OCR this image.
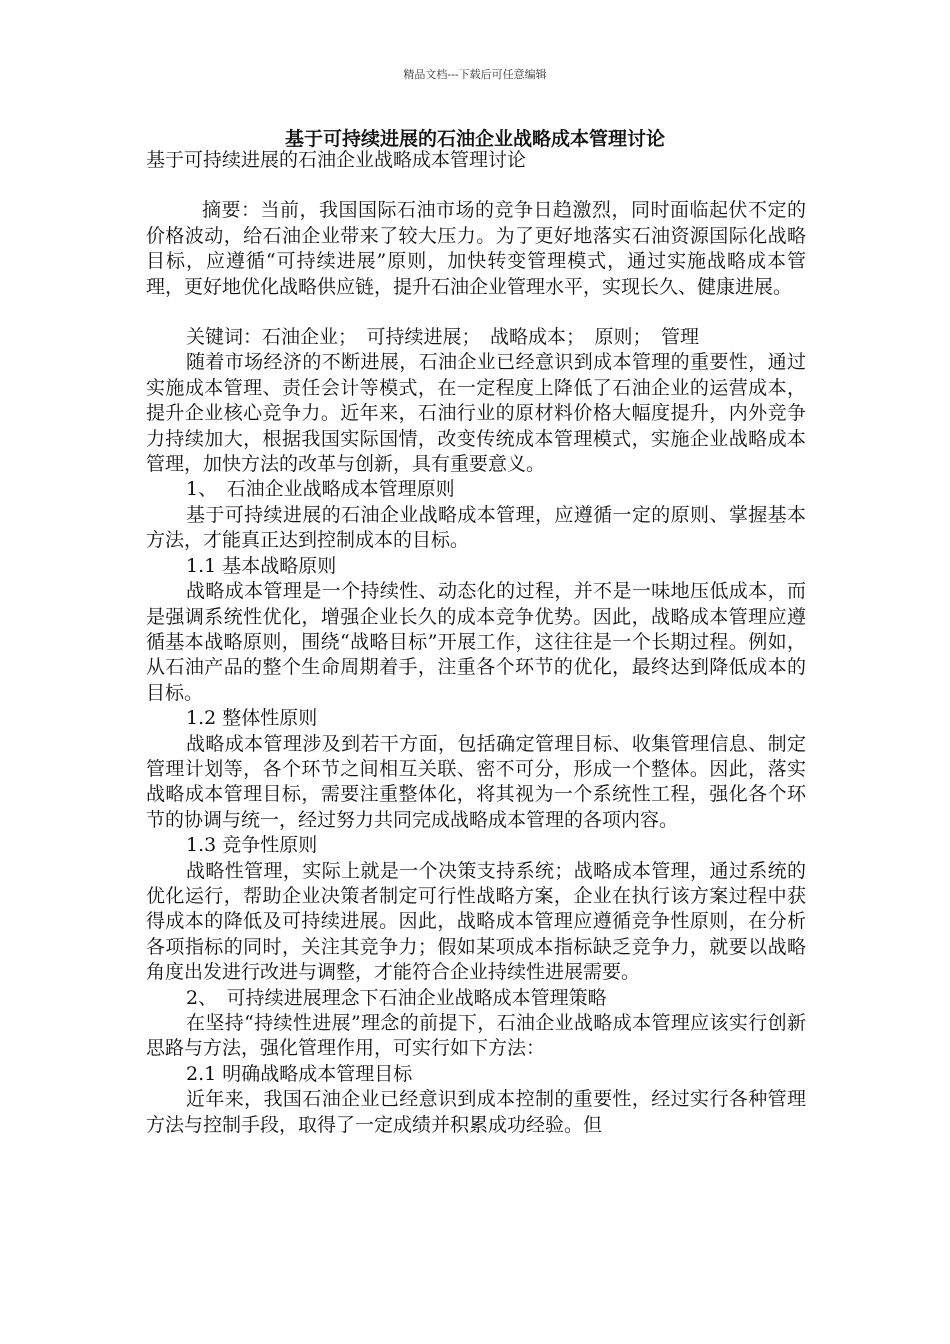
精品文档---下载后可任意编辑
基于可持续进展的石油企业战略成本管理讨论

基于可持续进展的石油企业战略成本管理讨论

摘要：当前，我国国际石油市场的竞争日趋激烈，同时面临起伏不定的价格波动，给石油企业带来了较大压力。为了更好地落实石油资源国际化战略目标，应遵循“可持续进展”原则，加快转变管理模式，通过实施战略成本管理，更好地优化战略供应链，提升石油企业管理水平，实现长久、健康进展。

关键词：石油企业；　可持续进展；　战略成本；　原则；　管理

随着市场经济的不断进展，石油企业已经意识到成本管理的重要性，通过实施成本管理、责任会计等模式，在一定程度上降低了石油企业的运营成本，提升企业核心竞争力。近年来，石油行业的原材料价格大幅度提升，内外竞争力持续加大，根据我国实际国情，改变传统成本管理模式，实施企业战略成本管理，加快方法的改革与创新，具有重要意义。

1、　石油企业战略成本管理原则

基于可持续进展的石油企业战略成本管理，应遵循一定的原则、掌握基本方法，才能真正达到控制成本的目标。

1.1 基本战略原则

战略成本管理是一个持续性、动态化的过程，并不是一味地压低成本，而是强调系统性优化，增强企业长久的成本竞争优势。因此，战略成本管理应遵循基本战略原则，围绕“战略目标”开展工作，这往往是一个长期过程。例如，从石油产品的整个生命周期着手，注重各个环节的优化，最终达到降低成本的目标。

1.2 整体性原则

战略成本管理涉及到若干方面，包括确定管理目标、收集管理信息、制定管理计划等，各个环节之间相互关联、密不可分，形成一个整体。因此，落实战略成本管理目标，需要注重整体化，将其视为一个系统性工程，强化各个环节的协调与统一，经过努力共同完成战略成本管理的各项内容。

1.3 竞争性原则

战略性管理，实际上就是一个决策支持系统；战略成本管理，通过系统的优化运行，帮助企业决策者制定可行性战略方案，企业在执行该方案过程中获得成本的降低及可持续进展。因此，战略成本管理应遵循竞争性原则，在分析各项指标的同时，关注其竞争力；假如某项成本指标缺乏竞争力，就要以战略角度出发进行改进与调整，才能符合企业持续性进展需要。

2、　可持续进展理念下石油企业战略成本管理策略

在坚持“持续性进展”理念的前提下，石油企业战略成本管理应该实行创新思路与方法，强化管理作用，可实行如下方法：

2.1 明确战略成本管理目标

近年来，我国石油企业已经意识到成本控制的重要性，经过实行各种管理方法与控制手段，取得了一定成绩并积累成功经验。但
